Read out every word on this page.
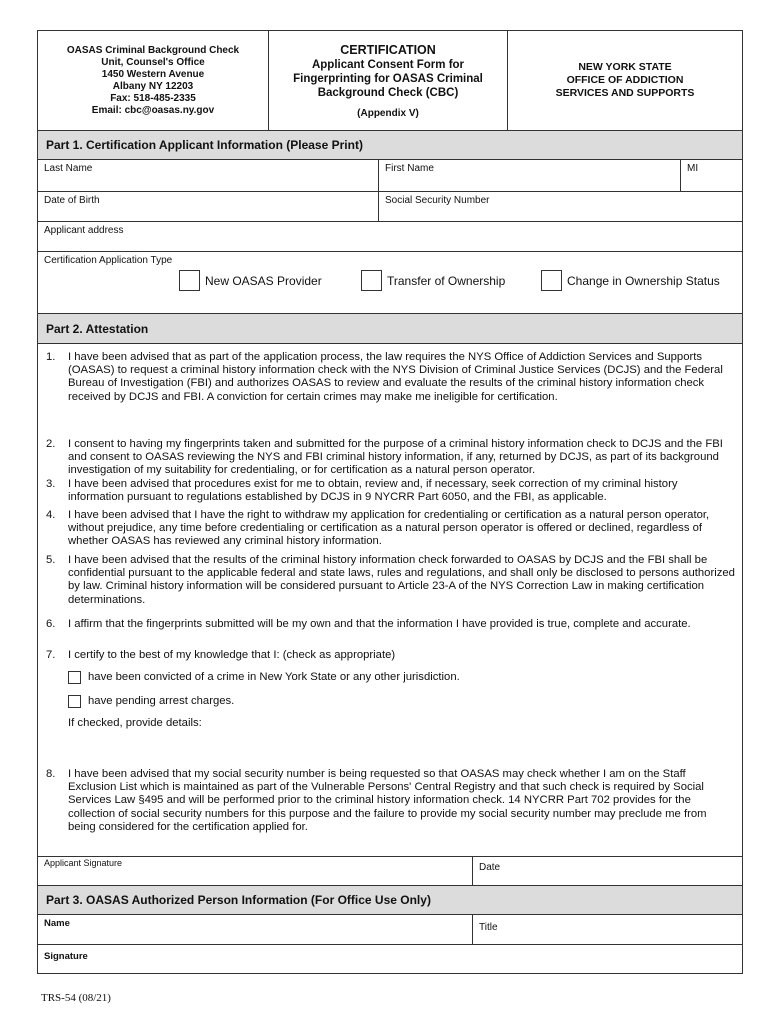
OASAS Criminal Background Check
Unit, Counsel's Office
1450 Western Avenue
Albany NY 12203
Fax: 518-485-2335
Email: cbc@oasas.ny.gov
CERTIFICATION
Applicant Consent Form for
Fingerprinting for OASAS Criminal
Background Check (CBC)
(Appendix V)
NEW YORK STATE
OFFICE OF ADDICTION
SERVICES AND SUPPORTS
Part 1. Certification Applicant Information (Please Print)
Last Name	First Name	MI
Date of Birth	Social Security Number
Applicant address
Certification Application Type
New OASAS Provider	Transfer of Ownership	Change in Ownership Status
Part 2. Attestation
1.	I have been advised that as part of the application process, the law requires the NYS Office of Addiction Services and Supports (OASAS) to request a criminal history information check with the NYS Division of Criminal Justice Services (DCJS) and the Federal Bureau of Investigation (FBI) and authorizes OASAS to review and evaluate the results of the criminal history information check received by DCJS and FBI. A conviction for certain crimes may make me ineligible for certification.
2.	I consent to having my fingerprints taken and submitted for the purpose of a criminal history information check to DCJS and the FBI and consent to OASAS reviewing the NYS and FBI criminal history information, if any, returned by DCJS, as part of its background investigation of my suitability for credentialing, or for certification as a natural person operator.
3.	I have been advised that procedures exist for me to obtain, review and, if necessary, seek correction of my criminal history information pursuant to regulations established by DCJS in 9 NYCRR Part 6050, and the FBI, as applicable.
4.	I have been advised that I have the right to withdraw my application for credentialing or certification as a natural person operator, without prejudice, any time before credentialing or certification as a natural person operator is offered or declined, regardless of whether OASAS has reviewed any criminal history information.
5.	I have been advised that the results of the criminal history information check forwarded to OASAS by DCJS and the FBI shall be confidential pursuant to the applicable federal and state laws, rules and regulations, and shall only be disclosed to persons authorized by law. Criminal history information will be considered pursuant to Article 23-A of the NYS Correction Law in making certification determinations.
6.	I affirm that the fingerprints submitted will be my own and that the information I have provided is true, complete and accurate.
7.	I certify to the best of my knowledge that I: (check as appropriate)
have been convicted of a crime in New York State or any other jurisdiction.
have pending arrest charges.
If checked, provide details:
8.	I have been advised that my social security number is being requested so that OASAS may check whether I am on the Staff Exclusion List which is maintained as part of the Vulnerable Persons' Central Registry and that such check is required by Social Services Law §495 and will be performed prior to the criminal history information check. 14 NYCRR Part 702 provides for the collection of social security numbers for this purpose and the failure to provide my social security number may preclude me from being considered for the certification applied for.
Applicant Signature	Date
Part 3. OASAS Authorized Person Information (For Office Use Only)
Name	Title
Signature
TRS-54 (08/21)
